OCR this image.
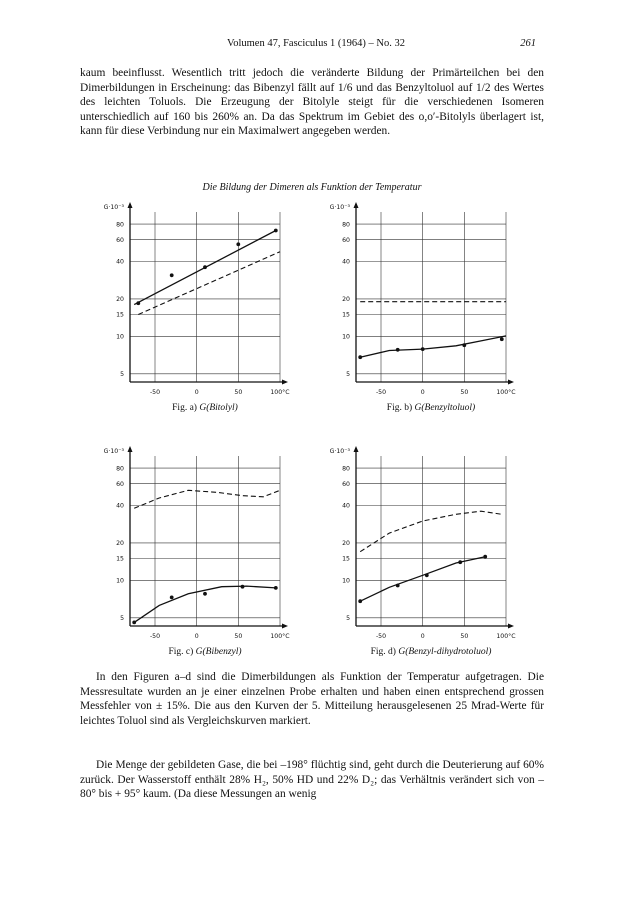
Volumen 47, Fasciculus 1 (1964) – No. 32	261

kaum beeinflusst. Wesentlich tritt jedoch die veränderte Bildung der Primärteilchen bei den Dimerbildungen in Erscheinung: das Bibenzyl fällt auf 1/6 und das Benzyltoluol auf 1/2 des Wertes des leichten Toluols. Die Erzeugung der Bitolyle steigt für die verschiedenen Isomeren unterschiedlich auf 160 bis 260% an. Da das Spektrum im Gebiet des o,o′-Bitolyls überlagert ist, kann für diese Verbindung nur ein Maximalwert angegeben werden.

Die Bildung der Dimeren als Funktion der Temperatur
5
10
15
20
40
60
80
-50	0	50	100°C
G·10⁻³
Fig. a) G(Bitolyl)
5
10
15
20
40
60
80
-50	0	50	100°C
G·10⁻³
Fig. b) G(Benzyltoluol)
5
10
15
20
40
60
80
-50	0	50	100°C
G·10⁻³
Fig. c) G(Bibenzyl)
5
10
15
20
40
60
80
-50	0	50	100°C
G·10⁻³
Fig. d) G(Benzyl-dihydrotoluol)

In den Figuren a–d sind die Dimerbildungen als Funktion der Temperatur aufgetragen. Die Messresultate wurden an je einer einzelnen Probe erhalten und haben einen entsprechend grossen Messfehler von ± 15%. Die aus den Kurven der 5. Mitteilung herausgelesenen 25 Mrad-Werte für leichtes Toluol sind als Vergleichskurven markiert.

Die Menge der gebildeten Gase, die bei –198° flüchtig sind, geht durch die Deuterierung auf 60% zurück. Der Wasserstoff enthält 28% H₂, 50% HD und 22% D₂; das Verhältnis verändert sich von – 80° bis + 95° kaum. (Da diese Messungen an wenig
